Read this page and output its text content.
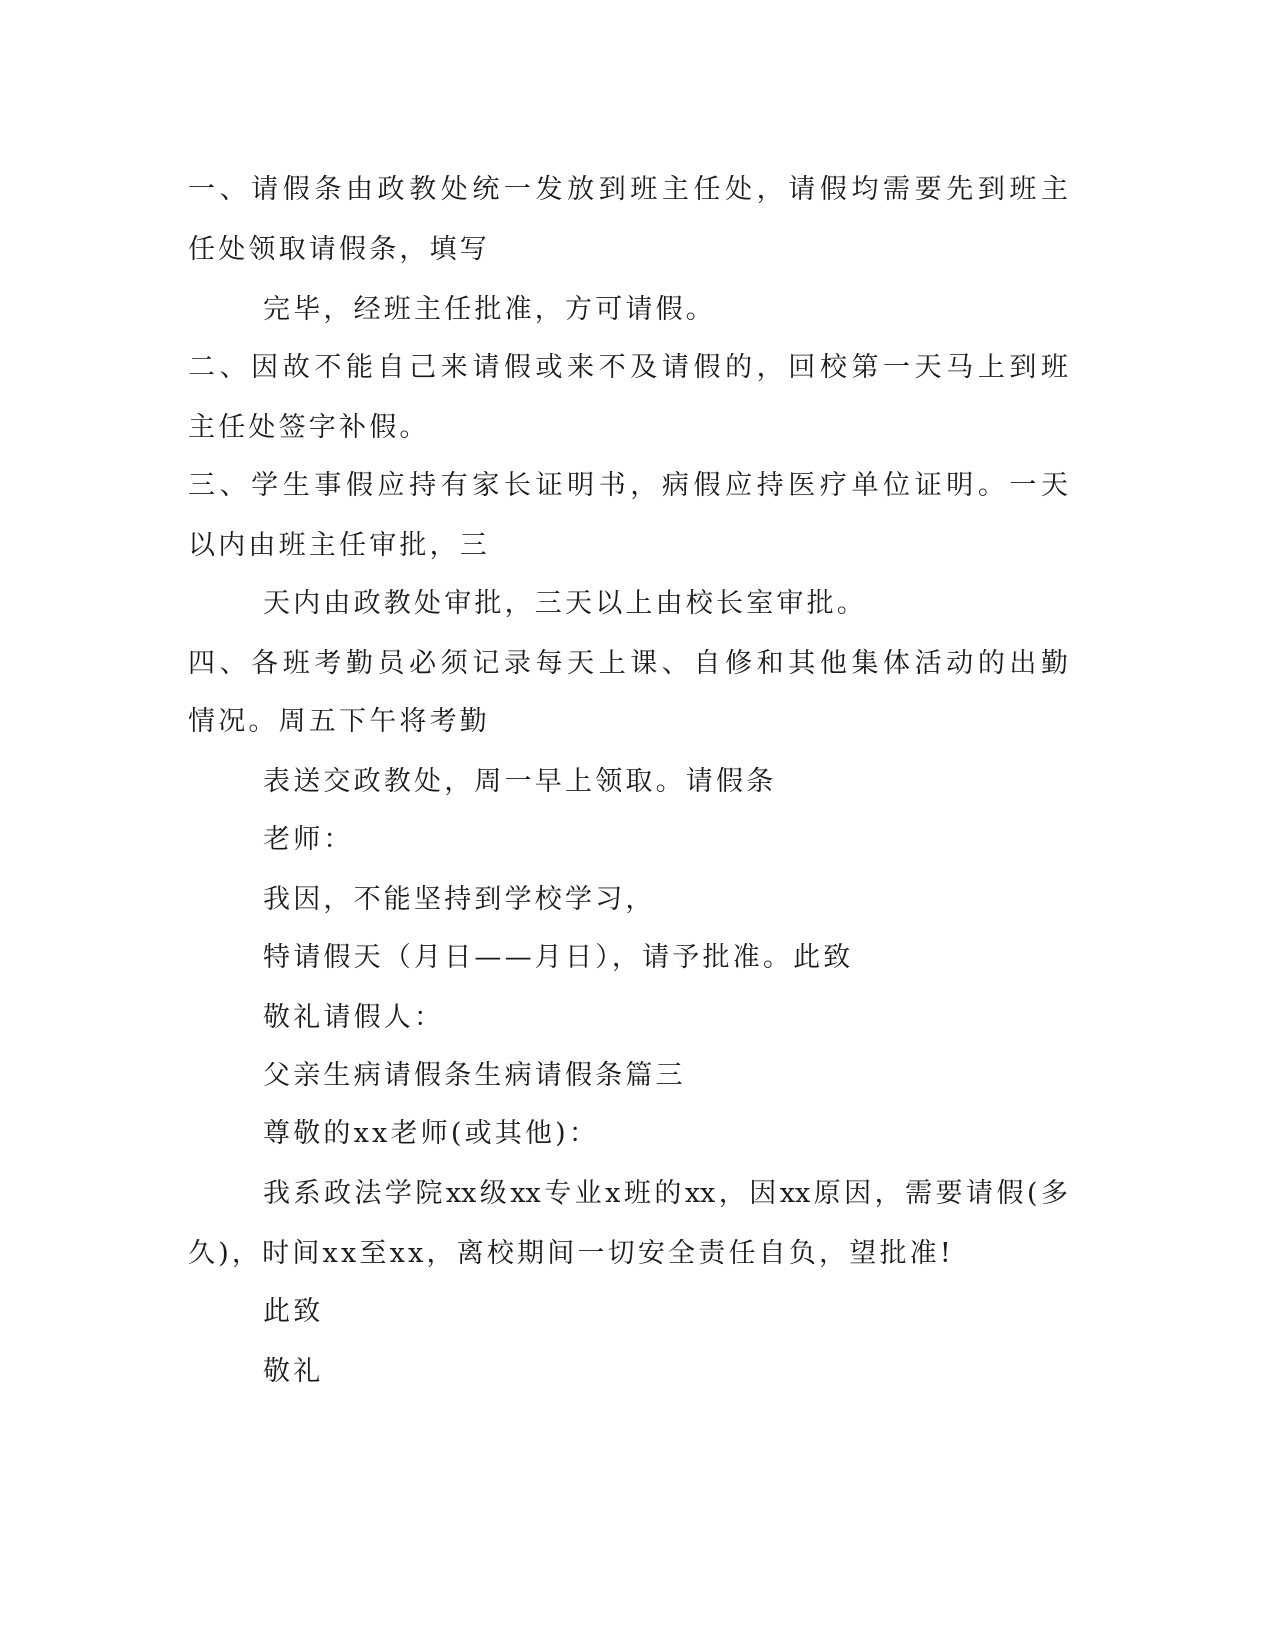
一、请假条由政教处统一发放到班主任处，请假均需要先到班主
任处领取请假条，填写
完毕，经班主任批准，方可请假。
二、因故不能自己来请假或来不及请假的，回校第一天马上到班
主任处签字补假。
三、学生事假应持有家长证明书，病假应持医疗单位证明。一天
以内由班主任审批，三
天内由政教处审批，三天以上由校长室审批。
四、各班考勤员必须记录每天上课、自修和其他集体活动的出勤
情况。周五下午将考勤
表送交政教处，周一早上领取。请假条
老师：
我因，不能坚持到学校学习，
特请假天（月日——月日），请予批准。此致
敬礼请假人：
父亲生病请假条生病请假条篇三
尊敬的xx老师(或其他)：
我系政法学院xx级xx专业x班的xx，因xx原因，需要请假(多
久)，时间xx至xx，离校期间一切安全责任自负，望批准!
此致
敬礼
